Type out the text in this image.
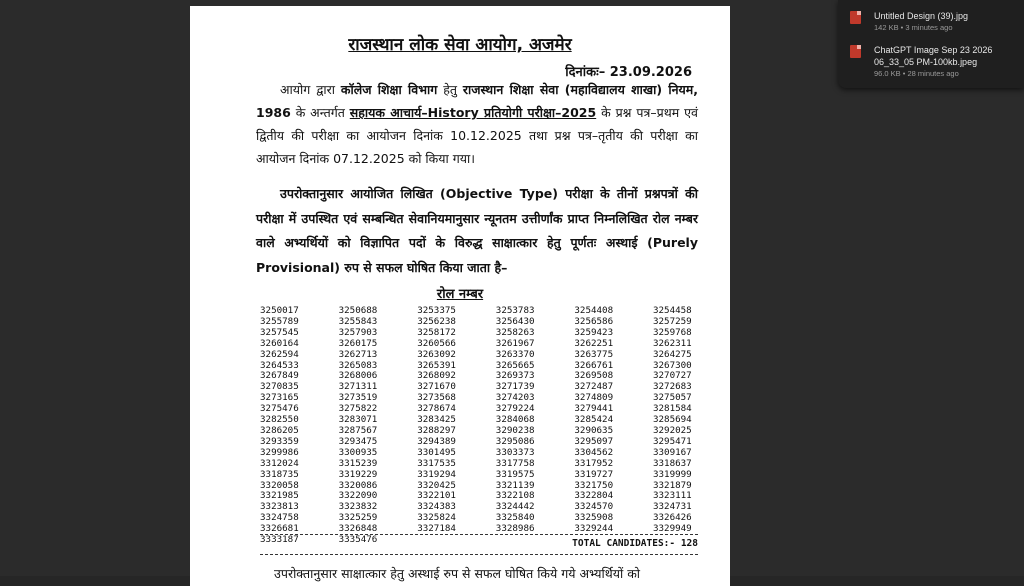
राजस्थान लोक सेवा आयोग, अजमेर
दिनांकः– 23.09.2026
आयोग द्वारा कॉलेज शिक्षा विभाग हेतु राजस्थान शिक्षा सेवा (महाविद्यालय शाखा) नियम, 1986 के अन्तर्गत सहायक आचार्य–History प्रतियोगी परीक्षा–2025 के प्रश्न पत्र–प्रथम एवं द्वितीय की परीक्षा का आयोजन दिनांक 10.12.2025 तथा प्रश्न पत्र–तृतीय की परीक्षा का आयोजन दिनांक 07.12.2025 को किया गया।
उपरोक्तानुसार आयोजित लिखित (Objective Type) परीक्षा के तीनों प्रश्नपत्रों की परीक्षा में उपस्थित एवं सम्बन्धित सेवानियमानुसार न्यूनतम उत्तीर्णांक प्राप्त निम्नलिखित रोल नम्बर वाले अभ्यर्थियों को विज्ञापित पदों के विरुद्ध साक्षात्कार हेतु पूर्णतः अस्थाई (Purely Provisional) रुप से सफल घोषित किया जाता है–
रोल नम्बर
3250017	3250688	3253375	3253783	3254408	3254458
3255789	3255843	3256238	3256430	3256586	3257259
3257545	3257903	3258172	3258263	3259423	3259768
3260164	3260175	3260566	3261967	3262251	3262311
3262594	3262713	3263092	3263370	3263775	3264275
3264533	3265083	3265391	3265665	3266761	3267300
3267849	3268006	3268092	3269373	3269508	3270727
3270835	3271311	3271670	3271739	3272487	3272683
3273165	3273519	3273568	3274203	3274809	3275057
3275476	3275822	3278674	3279224	3279441	3281584
3282550	3283071	3283425	3284068	3285424	3285694
3286205	3287567	3288297	3290238	3290635	3292025
3293359	3293475	3294389	3295086	3295097	3295471
3299986	3300935	3301495	3303373	3304562	3309167
3312024	3315239	3317535	3317758	3317952	3318637
3318735	3319229	3319294	3319575	3319727	3319999
3320058	3320086	3320425	3321139	3321750	3321879
3321985	3322090	3322101	3322108	3322804	3323111
3323813	3323832	3324383	3324442	3324570	3324731
3324758	3325259	3325824	3325840	3325908	3326426
3326681	3326848	3327184	3328986	3329244	3329949
3333187	3335476	TOTAL CANDIDATES:- 128
उपरोक्तानुसार साक्षात्कार हेतु अस्थाई रुप से सफल घोषित किये गये अभ्यर्थियों को
Untitled Design (39).jpg
142 KB • 3 minutes ago
ChatGPT Image Sep 23 2026 06_33_05 PM-100kb.jpeg
96.0 KB • 28 minutes ago
